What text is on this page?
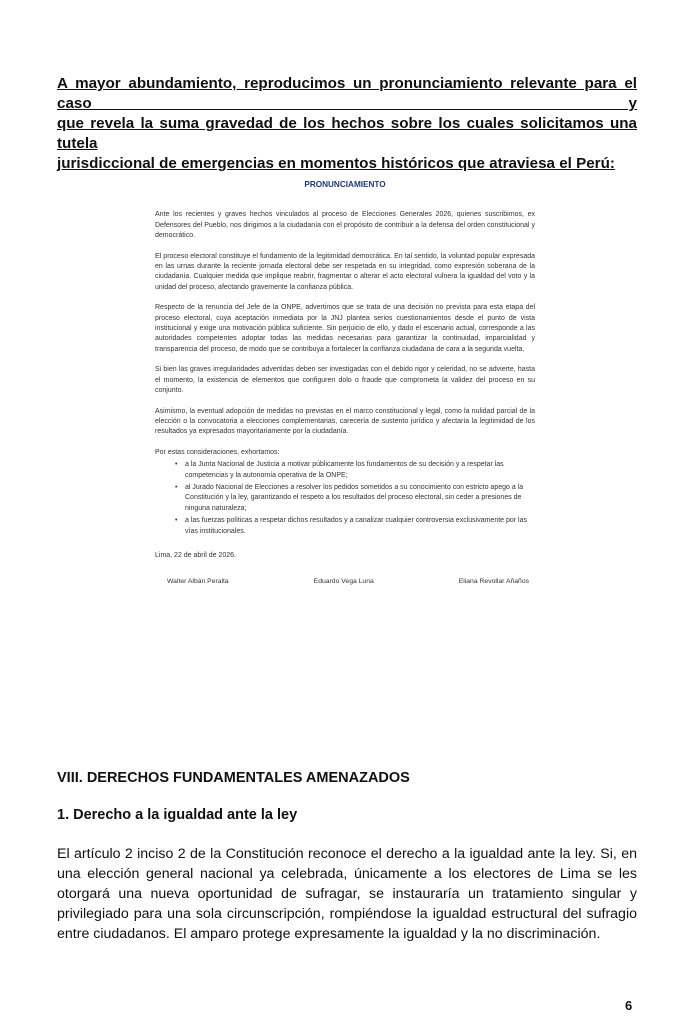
A mayor abundamiento, reproducimos un pronunciamiento relevante para el caso y
que revela la suma gravedad de los hechos sobre los cuales solicitamos una tutela
jurisdiccional de emergencias en momentos históricos que atraviesa el Perú:

PRONUNCIAMIENTO

Ante los recientes y graves hechos vinculados al proceso de Elecciones Generales 2026, quienes suscribimos, ex Defensores del Pueblo, nos dirigimos a la ciudadanía con el propósito de contribuir a la defensa del orden constitucional y democrático.

El proceso electoral constituye el fundamento de la legitimidad democrática. En tal sentido, la voluntad popular expresada en las urnas durante la reciente jornada electoral debe ser respetada en su integridad, como expresión soberana de la ciudadanía. Cualquier medida que implique reabrir, fragmentar o alterar el acto electoral vulnera la igualdad del voto y la unidad del proceso, afectando gravemente la confianza pública.

Respecto de la renuncia del Jefe de la ONPE, advertimos que se trata de una decisión no prevista para esta etapa del proceso electoral, cuya aceptación inmediata por la JNJ plantea serios cuestionamientos desde el punto de vista institucional y exige una motivación pública suficiente. Sin perjuicio de ello, y dado el escenario actual, corresponde a las autoridades competentes adoptar todas las medidas necesarias para garantizar la continuidad, imparcialidad y transparencia del proceso, de modo que se contribuya a fortalecer la confianza ciudadana de cara a la segunda vuelta.

Si bien las graves irregularidades advertidas deben ser investigadas con el debido rigor y celeridad, no se advierte, hasta el momento, la existencia de elementos que configuren dolo o fraude que comprometa la validez del proceso en su conjunto.

Asimismo, la eventual adopción de medidas no previstas en el marco constitucional y legal, como la nulidad parcial de la elección o la convocatoria a elecciones complementarias, carecería de sustento jurídico y afectaría la legitimidad de los resultados ya expresados mayoritariamente por la ciudadanía.

Por estas consideraciones, exhortamos:

• a la Junta Nacional de Justicia a motivar públicamente los fundamentos de su decisión y a respetar las competencias y la autonomía operativa de la ONPE;
• al Jurado Nacional de Elecciones a resolver los pedidos sometidos a su conocimiento con estricto apego a la Constitución y la ley, garantizando el respeto a los resultados del proceso electoral, sin ceder a presiones de ninguna naturaleza;
• a las fuerzas políticas a respetar dichos resultados y a canalizar cualquier controversia exclusivamente por las vías institucionales.

Lima, 22 de abril de 2026.

Walter Albán Peralta	Eduardo Vega Luna	Eliana Revollar Añaños
VIII. DERECHOS FUNDAMENTALES AMENAZADOS
1. Derecho a la igualdad ante la ley

El artículo 2 inciso 2 de la Constitución reconoce el derecho a la igualdad ante la ley. Si, en una elección general nacional ya celebrada, únicamente a los electores de Lima se les otorgará una nueva oportunidad de sufragar, se instauraría un tratamiento singular y privilegiado para una sola circunscripción, rompiéndose la igualdad estructural del sufragio entre ciudadanos. El amparo protege expresamente la igualdad y la no discriminación.

6
